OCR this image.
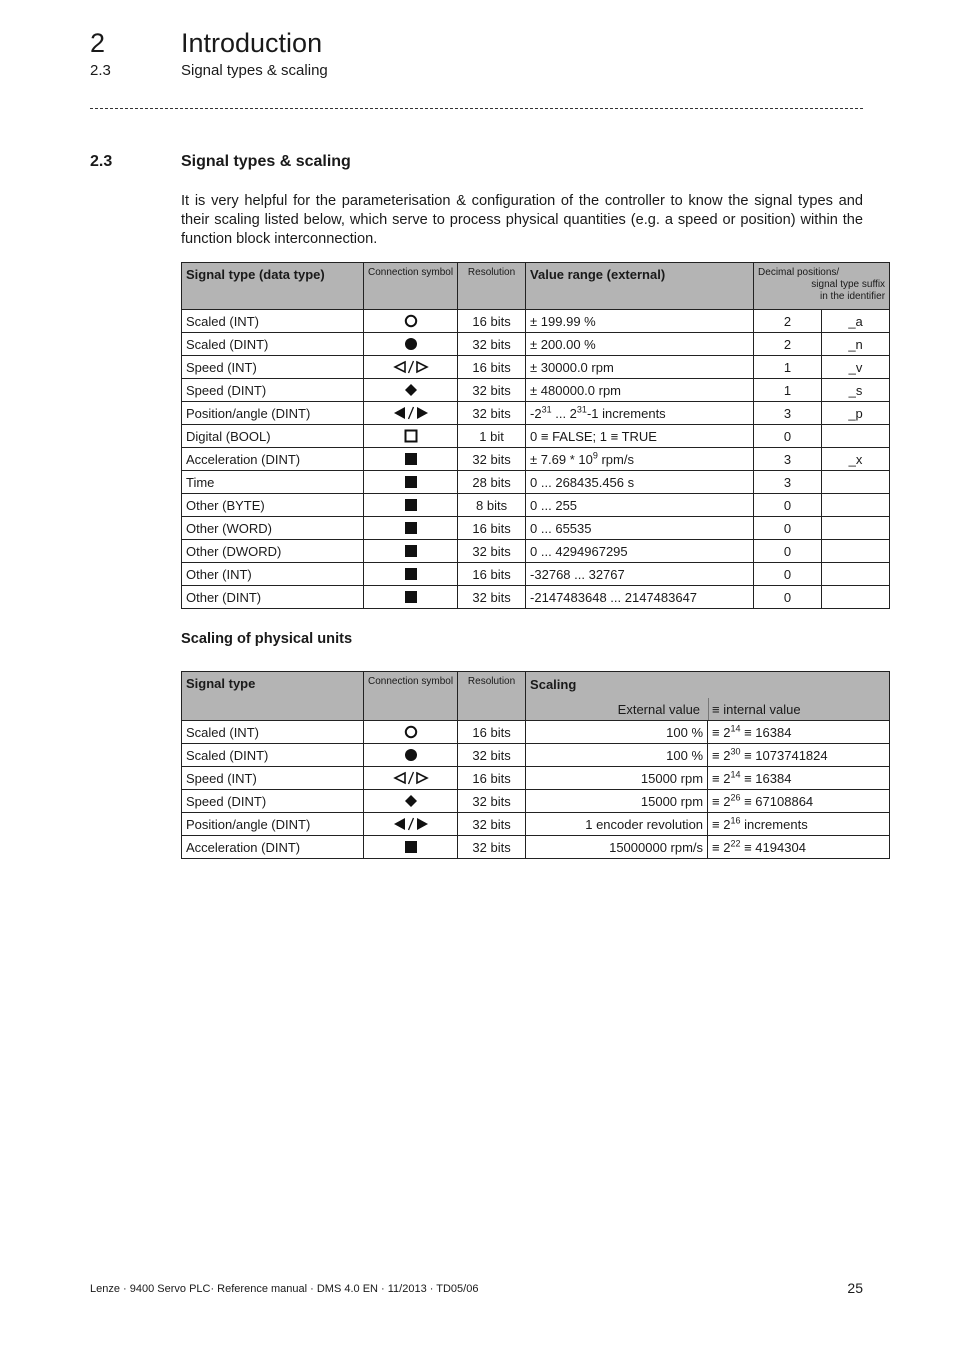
2	Introduction
2.3	Signal types & scaling
2.3	Signal types & scaling
It is very helpful for the parameterisation & configuration of the controller to know the signal types and their scaling listed below, which serve to process physical quantities (e.g. a speed or position) within the function block interconnection.
Signal type (data type)	Connection symbol	Resolution	Value range (external)	Decimal positions/
signal type suffix
in the identifier	

Scaled (INT)		16 bits	± 199.99 %	2	_a
Scaled (DINT)		32 bits	± 200.00 %	2	_n
Speed (INT)		16 bits	± 30000.0 rpm	1	_v
Speed (DINT)		32 bits	± 480000.0 rpm	1	_s
Position/angle (DINT)		32 bits	$-2^{31}$ ... $2^{31}-1$ increments	3	_p
Digital (BOOL)		1 bit	0 ≡ FALSE; 1 ≡ TRUE	0	
Acceleration (DINT)		32 bits	± $7.69 * 10^9$ rpm/s	3	_x
Time		28 bits	0 ... 268435.456 s	3	
Other (BYTE)		8 bits	0 ... 255	0	
Other (WORD)		16 bits	0 ... 65535	0	
Other (DWORD)		32 bits	0 ... 4294967295	0	
Other (INT)		16 bits	-32768 ... 32767	0	
Other (DINT)		32 bits	-2147483648 ... 2147483647	0	
Scaling of physical units
Signal type	Connection symbol	Resolution	Scaling
External value ≡ internal value	

Scaled (INT)		16 bits	100 %	≡ $2^{14} \equiv 16384$
Scaled (DINT)		32 bits	100 %	≡ $2^{30} \equiv 1073741824$
Speed (INT)		16 bits	15000 rpm	≡ $2^{14} \equiv 16384$
Speed (DINT)		32 bits	15000 rpm	≡ $2^{26} \equiv 67108864$
Position/angle (DINT)		32 bits	1 encoder revolution	≡ $2^{16}$ increments
Acceleration (DINT)		32 bits	15000000 rpm/s	≡ $2^{22} \equiv 4194304$
Lenze · 9400 Servo PLC· Reference manual · DMS 4.0 EN · 11/2013 · TD05/06	25
